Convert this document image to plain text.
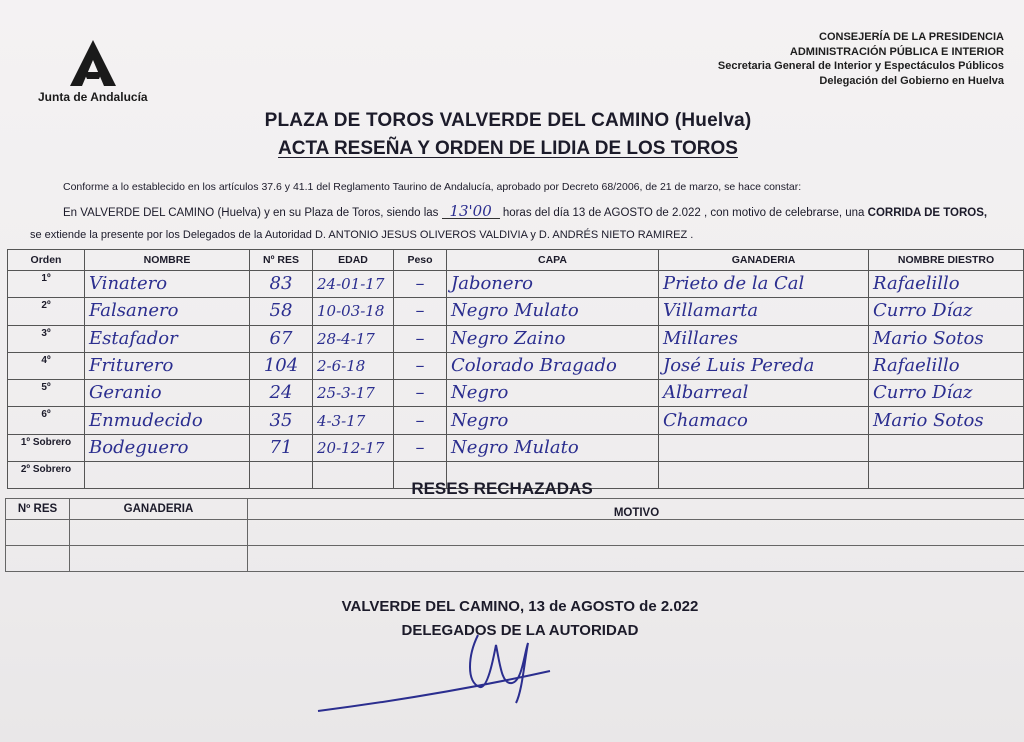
Junta de Andalucía
CONSEJERÍA DE LA PRESIDENCIA
ADMINISTRACIÓN PÚBLICA E INTERIOR
Secretaria General de Interior y Espectáculos Públicos
Delegación del Gobierno en Huelva
PLAZA DE TOROS VALVERDE DEL CAMINO (Huelva)
ACTA RESEÑA Y ORDEN DE LIDIA DE LOS TOROS
Conforme a lo establecido en los artículos 37.6 y 41.1 del Reglamento Taurino de Andalucía, aprobado por Decreto 68/2006, de 21 de marzo, se hace constar:
En VALVERDE DEL CAMINO (Huelva) y en su Plaza de Toros, siendo las 13'00 horas del día 13 de AGOSTO de 2.022 , con motivo de celebrarse, una CORRIDA DE TOROS,
se extiende la presente por los Delegados de la Autoridad D. ANTONIO JESUS OLIVEROS VALDIVIA y D. ANDRÉS NIETO RAMIREZ .
Orden	NOMBRE	Nº RES	EDAD	Peso	CAPA	GANADERIA	NOMBRE DIESTRO
1º	Vinatero	83	24-01-17	–	Jabonero	Prieto de la Cal	Rafaelillo
2º	Falsanero	58	10-03-18	–	Negro Mulato	Villamarta	Curro Díaz
3º	Estafador	67	28-4-17	–	Negro Zaino	Millares	Mario Sotos
4º	Friturero	104	2-6-18	–	Colorado Bragado	José Luis Pereda	Rafaelillo
5º	Geranio	24	25-3-17	–	Negro	Albarreal	Curro Díaz
6º	Enmudecido	35	4-3-17	–	Negro	Chamaco	Mario Sotos
1º Sobrero	Bodeguero	71	20-12-17	–	Negro Mulato		
2º Sobrero							
RESES RECHAZADAS
Nº RES	GANADERIA	MOTIVO

VALVERDE DEL CAMINO, 13 de AGOSTO de 2.022
DELEGADOS DE LA AUTORIDAD
